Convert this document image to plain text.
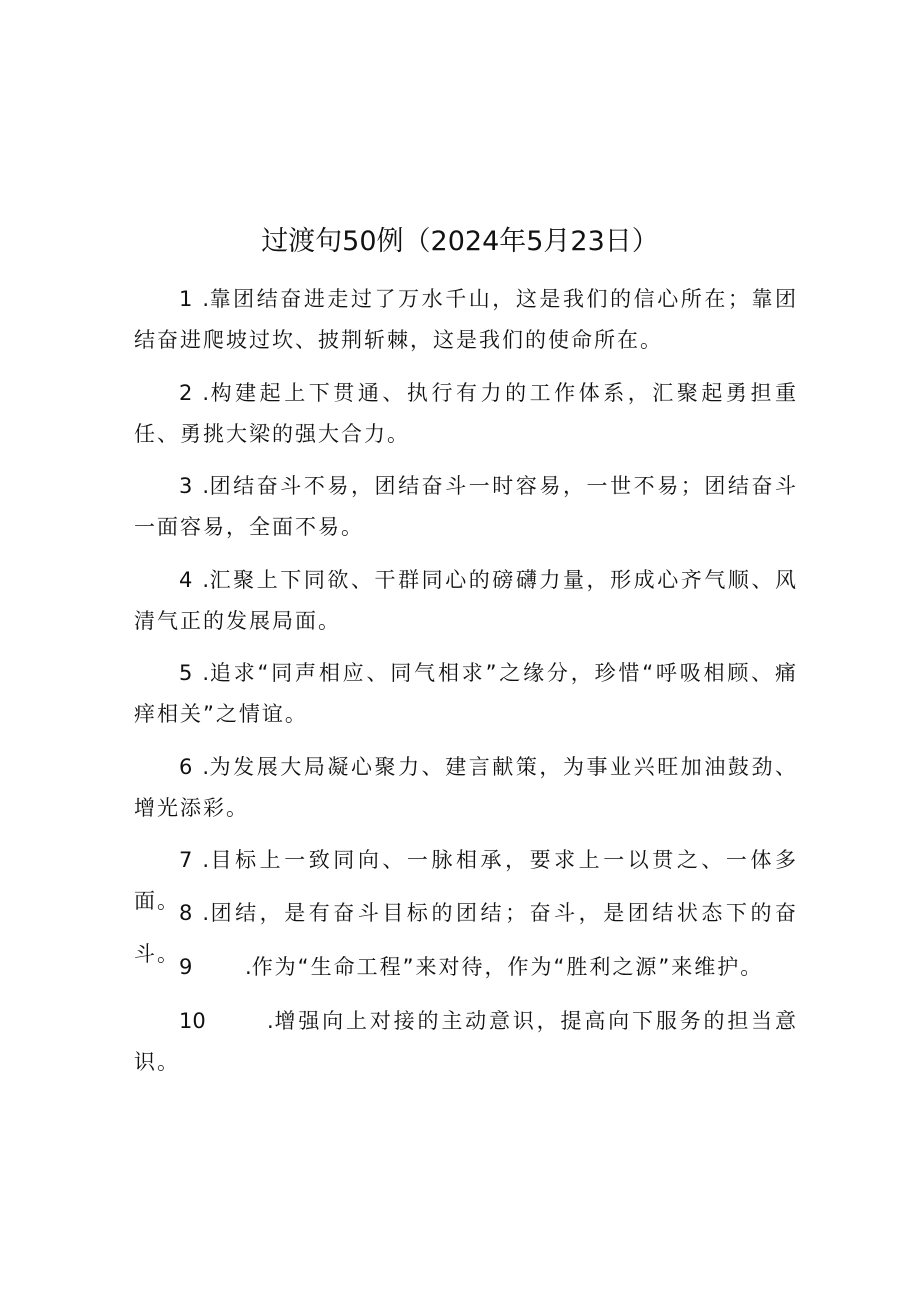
过渡句50例（2024年5月23日）
1 .靠团结奋进走过了万水千山，这是我们的信心所在；靠团结奋进爬坡过坎、披荆斩棘，这是我们的使命所在。
2 .构建起上下贯通、执行有力的工作体系，汇聚起勇担重任、勇挑大梁的强大合力。
3 .团结奋斗不易，团结奋斗一时容易，一世不易；团结奋斗一面容易，全面不易。
4 .汇聚上下同欲、干群同心的磅礴力量，形成心齐气顺、风清气正的发展局面。
5 .追求“同声相应、同气相求”之缘分，珍惜“呼吸相顾、痛痒相关”之情谊。
6 .为发展大局凝心聚力、建言献策，为事业兴旺加油鼓劲、增光添彩。
7 .目标上一致同向、一脉相承，要求上一以贯之、一体多面。 8 .团结，是有奋斗目标的团结；奋斗，是团结状态下的奋斗。
9	.作为“生命工程”来对待，作为“胜利之源”来维护。
10	.增强向上对接的主动意识，提高向下服务的担当意识。
